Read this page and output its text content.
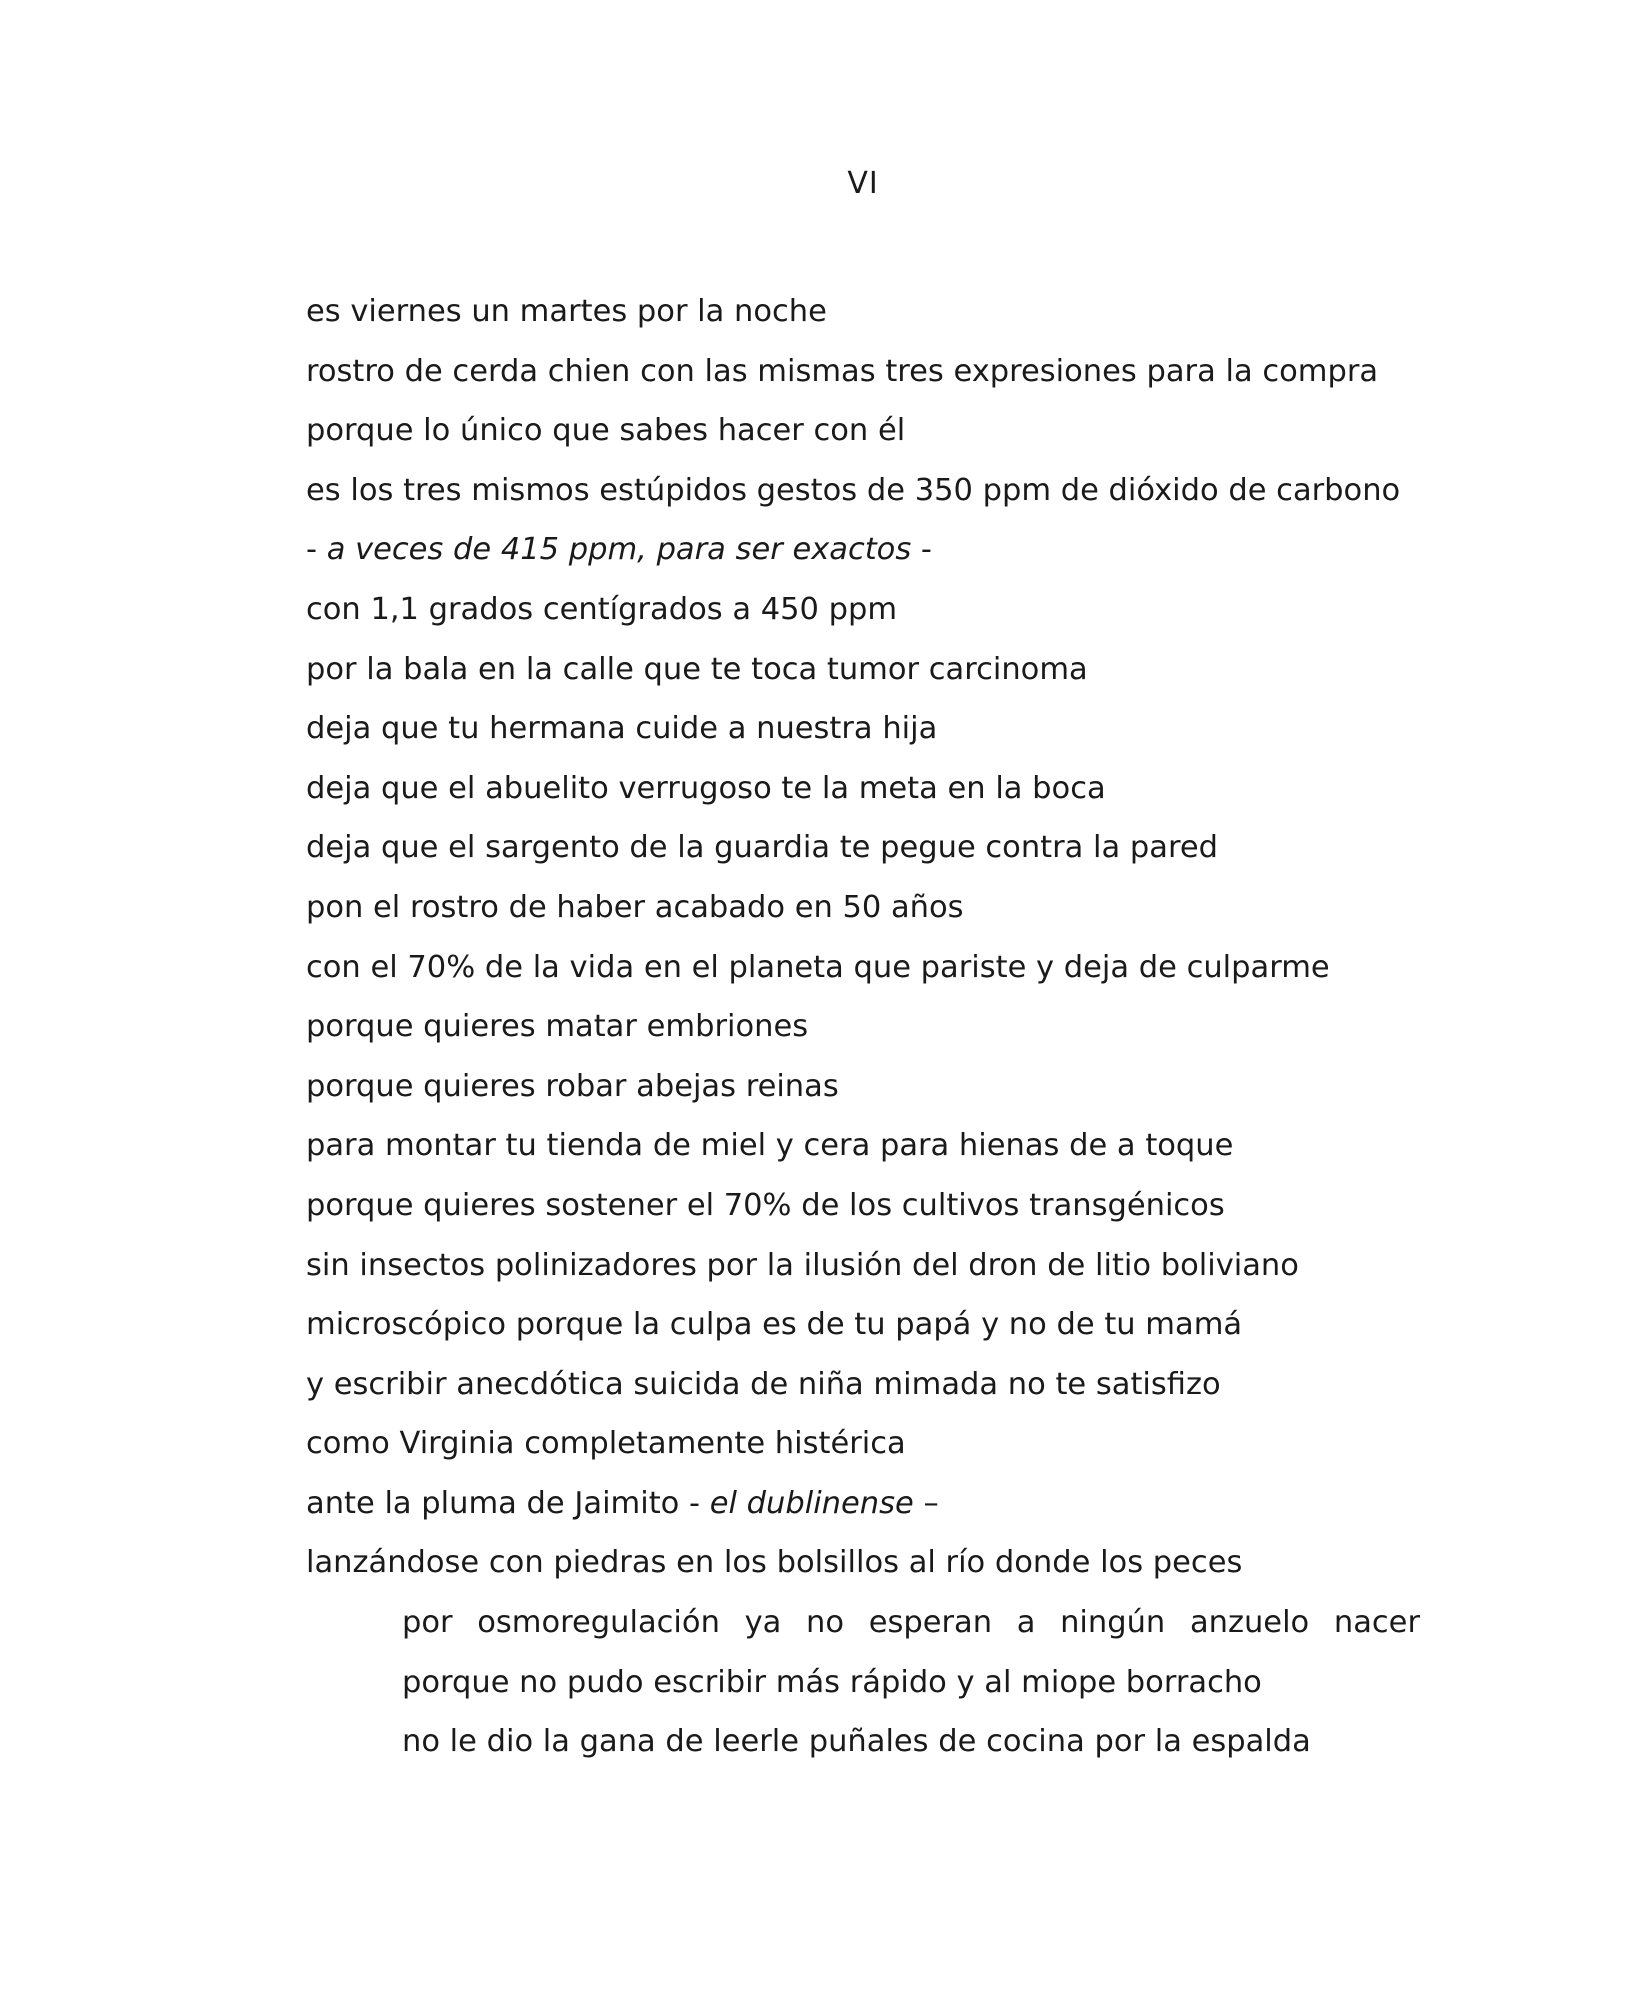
VI

es viernes un martes por la noche

rostro de cerda chien con las mismas tres expresiones para la compra

porque lo único que sabes hacer con él

es los tres mismos estúpidos gestos de 350 ppm de dióxido de carbono

- a veces de 415 ppm, para ser exactos -

con 1,1 grados centígrados a 450 ppm

por la bala en la calle que te toca tumor carcinoma

deja que tu hermana cuide a nuestra hija

deja que el abuelito verrugoso te la meta en la boca

deja que el sargento de la guardia te pegue contra la pared

pon el rostro de haber acabado en 50 años

con el 70% de la vida en el planeta que pariste y deja de culparme

porque quieres matar embriones

porque quieres robar abejas reinas

para montar tu tienda de miel y cera para hienas de a toque

porque quieres sostener el 70% de los cultivos transgénicos

sin insectos polinizadores por la ilusión del dron de litio boliviano

microscópico porque la culpa es de tu papá y no de tu mamá

y escribir anecdótica suicida de niña mimada no te satisfizo

como Virginia completamente histérica

ante la pluma de Jaimito - el dublinense –

lanzándose con piedras en los bolsillos al río donde los peces

por osmoregulación ya no esperan a ningún anzuelo nacer

porque no pudo escribir más rápido y al miope borracho

no le dio la gana de leerle puñales de cocina por la espalda
